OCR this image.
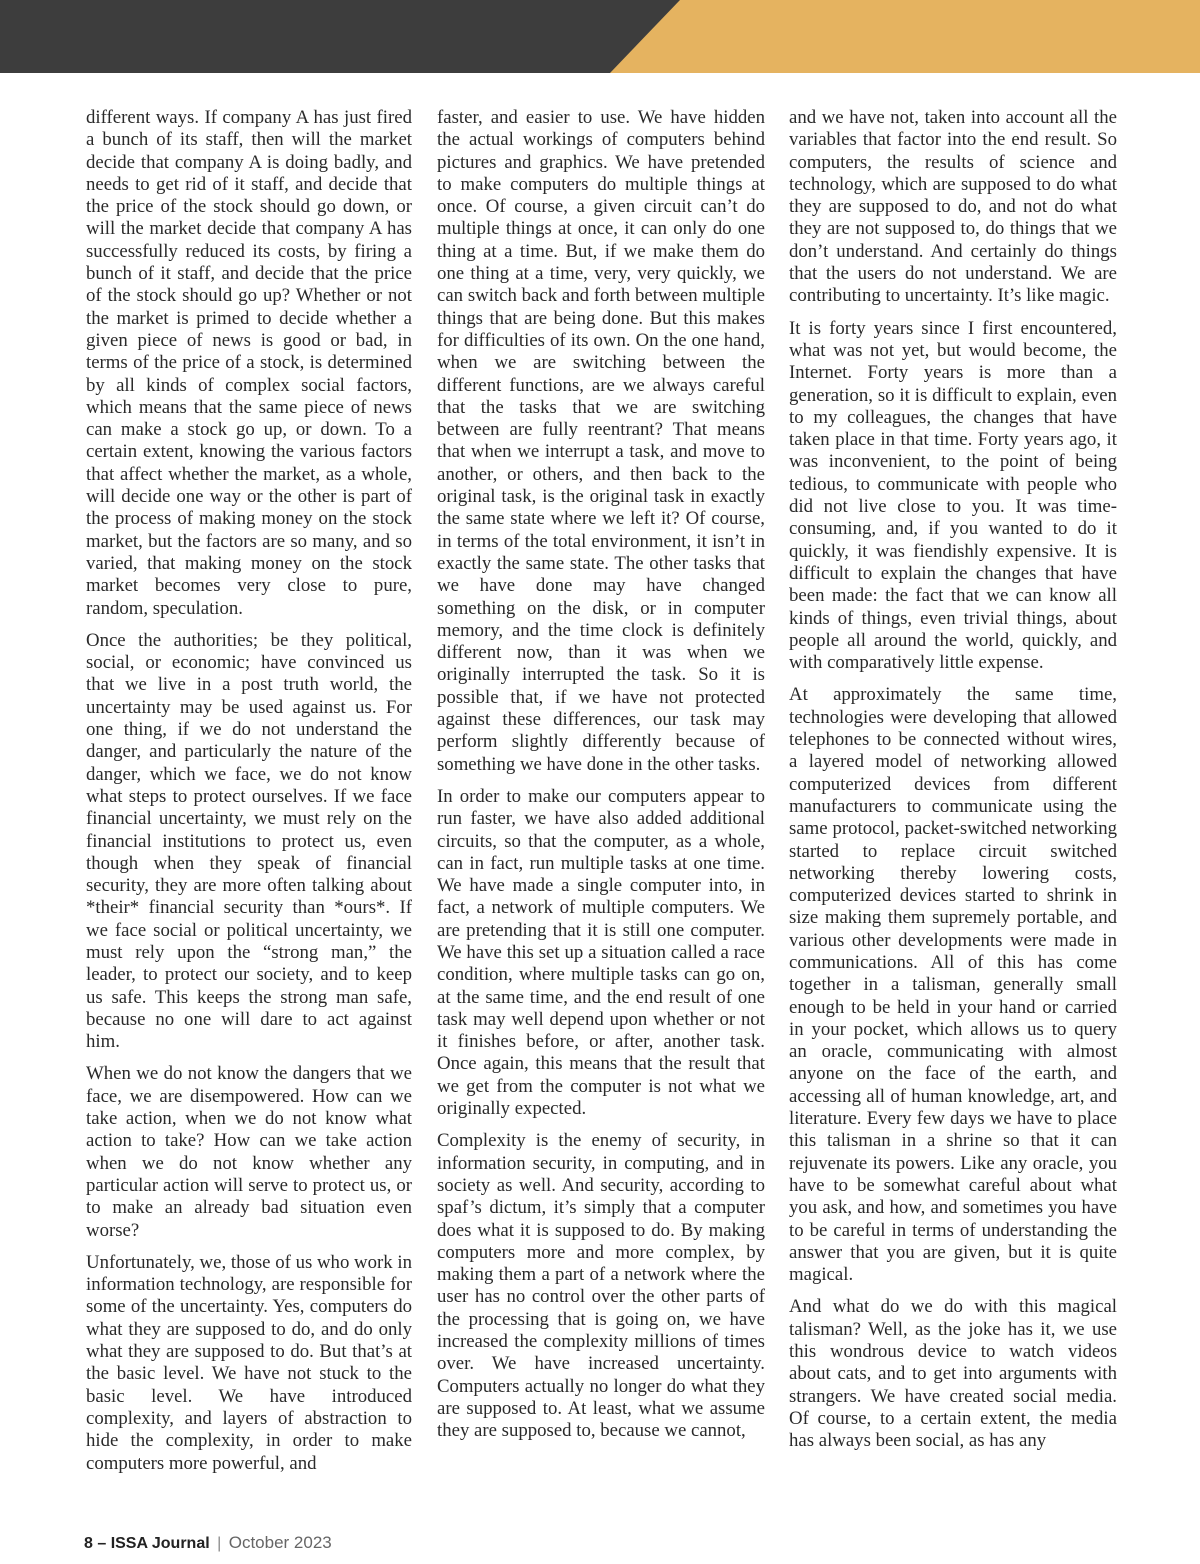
different ways. If company A has just fired a bunch of its staff, then will the market decide that company A is doing badly, and needs to get rid of it staff, and decide that the price of the stock should go down, or will the market decide that company A has successfully reduced its costs, by firing a bunch of it staff, and decide that the price of the stock should go up? Whether or not the market is primed to decide whether a given piece of news is good or bad, in terms of the price of a stock, is determined by all kinds of complex social factors, which means that the same piece of news can make a stock go up, or down. To a certain extent, knowing the various factors that affect whether the market, as a whole, will decide one way or the other is part of the process of making money on the stock market, but the factors are so many, and so varied, that making money on the stock market becomes very close to pure, random, speculation.

Once the authorities; be they political, social, or economic; have convinced us that we live in a post truth world, the uncertainty may be used against us. For one thing, if we do not understand the danger, and particularly the nature of the danger, which we face, we do not know what steps to protect ourselves. If we face financial uncertainty, we must rely on the financial institutions to protect us, even though when they speak of financial security, they are more often talking about *their* financial security than *ours*. If we face social or political uncertainty, we must rely upon the “strong man,” the leader, to protect our society, and to keep us safe. This keeps the strong man safe, because no one will dare to act against him.

When we do not know the dangers that we face, we are disempowered. How can we take action, when we do not know what action to take? How can we take action when we do not know whether any particular action will serve to protect us, or to make an already bad situation even worse?

Unfortunately, we, those of us who work in information technology, are responsible for some of the uncertainty. Yes, computers do what they are supposed to do, and do only what they are supposed to do. But that’s at the basic level. We have not stuck to the basic level. We have introduced complexity, and layers of abstraction to hide the complexity, in order to make computers more powerful, and

faster, and easier to use. We have hidden the actual workings of computers behind pictures and graphics. We have pretended to make computers do multiple things at once. Of course, a given circuit can’t do multiple things at once, it can only do one thing at a time. But, if we make them do one thing at a time, very, very quickly, we can switch back and forth between multiple things that are being done. But this makes for difficulties of its own. On the one hand, when we are switching between the different functions, are we always careful that the tasks that we are switching between are fully reentrant? That means that when we interrupt a task, and move to another, or others, and then back to the original task, is the original task in exactly the same state where we left it? Of course, in terms of the total environment, it isn’t in exactly the same state. The other tasks that we have done may have changed something on the disk, or in computer memory, and the time clock is definitely different now, than it was when we originally interrupted the task. So it is possible that, if we have not protected against these differences, our task may perform slightly differently because of something we have done in the other tasks.

In order to make our computers appear to run faster, we have also added additional circuits, so that the computer, as a whole, can in fact, run multiple tasks at one time. We have made a single computer into, in fact, a network of multiple computers. We are pretending that it is still one computer. We have this set up a situation called a race condition, where multiple tasks can go on, at the same time, and the end result of one task may well depend upon whether or not it finishes before, or after, another task. Once again, this means that the result that we get from the computer is not what we originally expected.

Complexity is the enemy of security, in information security, in computing, and in society as well. And security, according to spaf’s dictum, it’s simply that a computer does what it is supposed to do. By making computers more and more complex, by making them a part of a network where the user has no control over the other parts of the processing that is going on, we have increased the complexity millions of times over. We have increased uncertainty. Computers actually no longer do what they are supposed to. At least, what we assume they are supposed to, because we cannot,

and we have not, taken into account all the variables that factor into the end result. So computers, the results of science and technology, which are supposed to do what they are supposed to do, and not do what they are not supposed to, do things that we don’t understand. And certainly do things that the users do not understand. We are contributing to uncertainty. It’s like magic.

It is forty years since I first encountered, what was not yet, but would become, the Internet. Forty years is more than a generation, so it is difficult to explain, even to my colleagues, the changes that have taken place in that time. Forty years ago, it was inconvenient, to the point of being tedious, to communicate with people who did not live close to you. It was time-consuming, and, if you wanted to do it quickly, it was fiendishly expensive. It is difficult to explain the changes that have been made: the fact that we can know all kinds of things, even trivial things, about people all around the world, quickly, and with comparatively little expense.

At approximately the same time, technologies were developing that allowed telephones to be connected without wires, a layered model of networking allowed computerized devices from different manufacturers to communicate using the same protocol, packet-switched networking started to replace circuit switched networking thereby lowering costs, computerized devices started to shrink in size making them supremely portable, and various other developments were made in communications. All of this has come together in a talisman, generally small enough to be held in your hand or carried in your pocket, which allows us to query an oracle, communicating with almost anyone on the face of the earth, and accessing all of human knowledge, art, and literature. Every few days we have to place this talisman in a shrine so that it can rejuvenate its powers. Like any oracle, you have to be somewhat careful about what you ask, and how, and sometimes you have to be careful in terms of understanding the answer that you are given, but it is quite magical.

And what do we do with this magical talisman? Well, as the joke has it, we use this wondrous device to watch videos about cats, and to get into arguments with strangers. We have created social media. Of course, to a certain extent, the media has always been social, as has any

8 – ISSA Journal | October 2023
